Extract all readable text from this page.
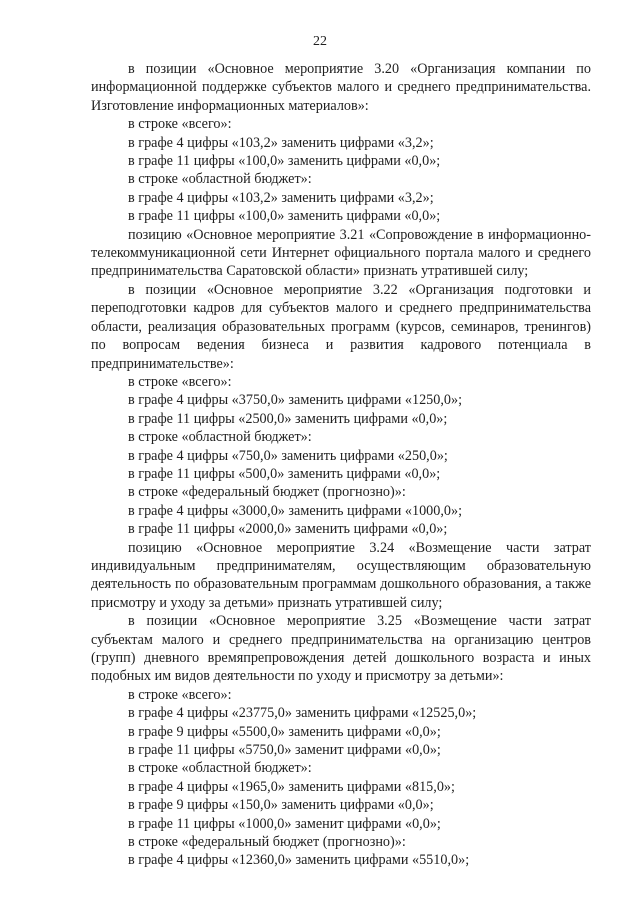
22

в позиции «Основное мероприятие 3.20 «Организация компании по информационной поддержке субъектов малого и среднего предпринимательства. Изготовление информационных материалов»:

в строке «всего»:

в графе 4 цифры «103,2» заменить цифрами «3,2»;

в графе 11 цифры «100,0» заменить цифрами «0,0»;

в строке «областной бюджет»:

в графе 4 цифры «103,2» заменить цифрами «3,2»;

в графе 11 цифры «100,0» заменить цифрами «0,0»;

позицию «Основное мероприятие 3.21 «Сопровождение в информационно-телекоммуникационной сети Интернет официального портала малого и среднего предпринимательства Саратовской области» признать утратившей силу;

в позиции «Основное мероприятие 3.22 «Организация подготовки и переподготовки кадров для субъектов малого и среднего предпринимательства области, реализация образовательных программ (курсов, семинаров, тренингов) по вопросам ведения бизнеса и развития кадрового потенциала в предпринимательстве»:

в строке «всего»:

в графе 4 цифры «3750,0» заменить цифрами «1250,0»;

в графе 11 цифры «2500,0» заменить цифрами «0,0»;

в строке «областной бюджет»:

в графе 4 цифры «750,0» заменить цифрами «250,0»;

в графе 11 цифры «500,0» заменить цифрами «0,0»;

в строке «федеральный бюджет (прогнозно)»:

в графе 4 цифры «3000,0» заменить цифрами «1000,0»;

в графе 11 цифры «2000,0» заменить цифрами «0,0»;

позицию «Основное мероприятие 3.24 «Возмещение части затрат индивидуальным предпринимателям, осуществляющим образовательную деятельность по образовательным программам дошкольного образования, а также присмотру и уходу за детьми» признать утратившей силу;

в позиции «Основное мероприятие 3.25 «Возмещение части затрат субъектам малого и среднего предпринимательства на организацию центров (групп) дневного времяпрепровождения детей дошкольного возраста и иных подобных им видов деятельности по уходу и присмотру за детьми»:

в строке «всего»:

в графе 4 цифры «23775,0» заменить цифрами «12525,0»;

в графе 9 цифры «5500,0» заменить цифрами «0,0»;

в графе 11 цифры «5750,0» заменит цифрами «0,0»;

в строке «областной бюджет»:

в графе 4 цифры «1965,0» заменить цифрами «815,0»;

в графе 9 цифры «150,0» заменить цифрами «0,0»;

в графе 11 цифры «1000,0» заменит цифрами «0,0»;

в строке «федеральный бюджет (прогнозно)»:

в графе 4 цифры «12360,0» заменить цифрами «5510,0»;
